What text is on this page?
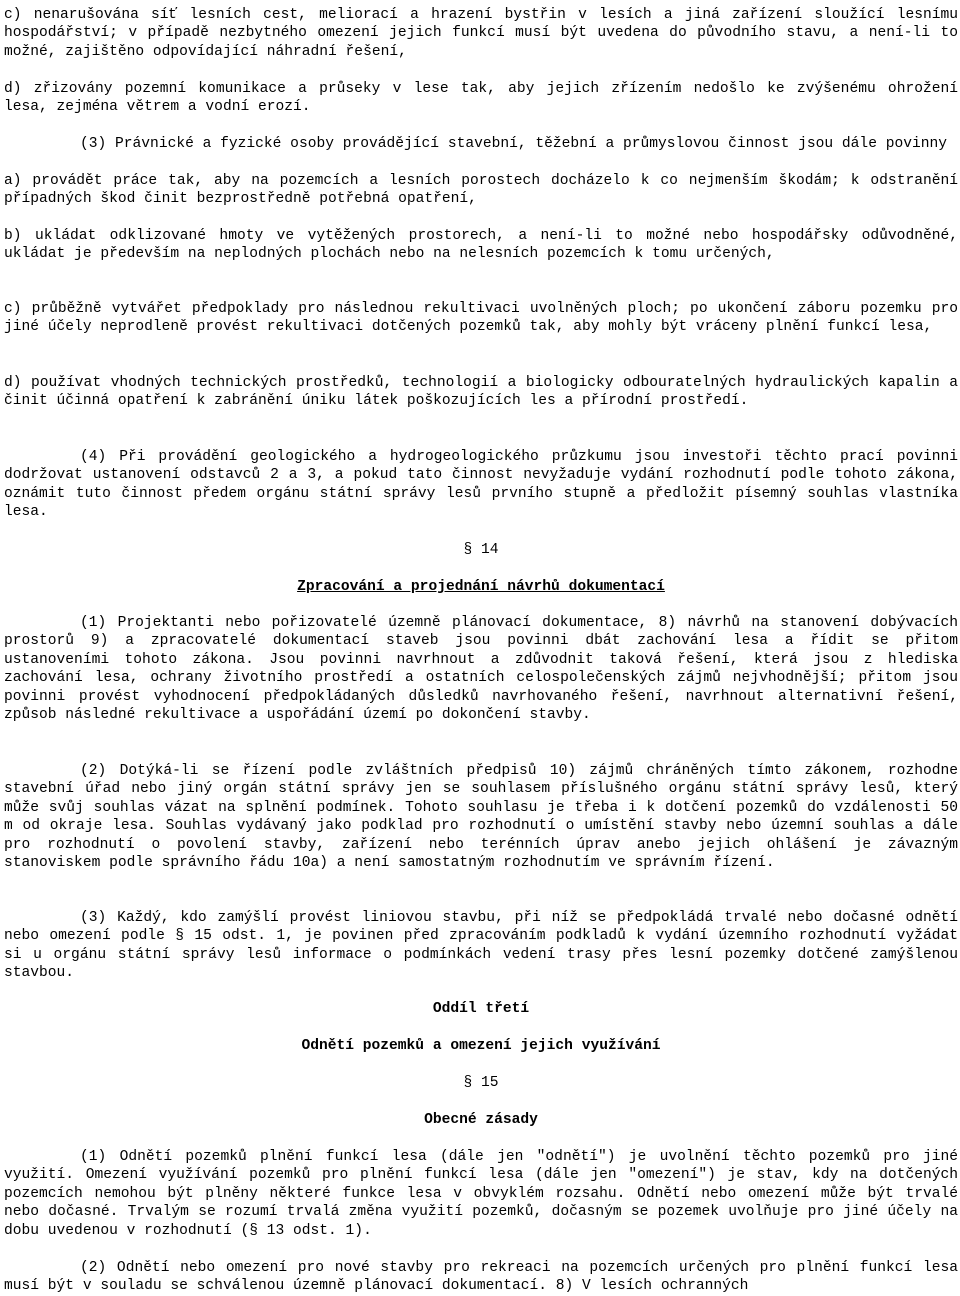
c) nenarušována síť lesních cest, meliorací a hrazení bystřin v lesích a jiná zařízení sloužící lesnímu hospodářství; v případě nezbytného omezení jejich funkcí musí být uvedena do původního stavu, a není-li to možné, zajištěno odpovídající náhradní řešení,

d) zřizovány pozemní komunikace a průseky v lese tak, aby jejich zřízením nedošlo ke zvýšenému ohrožení lesa, zejména větrem a vodní erozí.

(3) Právnické a fyzické osoby provádějící stavební, těžební a průmyslovou činnost jsou dále povinny

a) provádět práce tak, aby na pozemcích a lesních porostech docházelo k co nejmenším škodám; k odstranění případných škod činit bezprostředně potřebná opatření,

b) ukládat odklizované hmoty ve vytěžených prostorech, a není-li to možné nebo hospodářsky odůvodněné, ukládat je především na neplodných plochách nebo na nelesních pozemcích k tomu určených,

c) průběžně vytvářet předpoklady pro následnou rekultivaci uvolněných ploch; po ukončení záboru pozemku pro jiné účely neprodleně provést rekultivaci dotčených pozemků tak, aby mohly být vráceny plnění funkcí lesa,

d) používat vhodných technických prostředků, technologií a biologicky odbouratelných hydraulických kapalin a činit účinná opatření k zabránění úniku látek poškozujících les a přírodní prostředí.

(4) Při provádění geologického a hydrogeologického průzkumu jsou investoři těchto prací povinni dodržovat ustanovení odstavců 2 a 3, a pokud tato činnost nevyžaduje vydání rozhodnutí podle tohoto zákona, oznámit tuto činnost předem orgánu státní správy lesů prvního stupně a předložit písemný souhlas vlastníka lesa.

§ 14

Zpracování a projednání návrhů dokumentací

(1) Projektanti nebo pořizovatelé územně plánovací dokumentace, 8) návrhů na stanovení dobývacích prostorů 9) a zpracovatelé dokumentací staveb jsou povinni dbát zachování lesa a řídit se přitom ustanoveními tohoto zákona. Jsou povinni navrhnout a zdůvodnit taková řešení, která jsou z hlediska zachování lesa, ochrany životního prostředí a ostatních celospolečenských zájmů nejvhodnější; přitom jsou povinni provést vyhodnocení předpokládaných důsledků navrhovaného řešení, navrhnout alternativní řešení, způsob následné rekultivace a uspořádání území po dokončení stavby.

(2) Dotýká-li se řízení podle zvláštních předpisů 10) zájmů chráněných tímto zákonem, rozhodne stavební úřad nebo jiný orgán státní správy jen se souhlasem příslušného orgánu státní správy lesů, který může svůj souhlas vázat na splnění podmínek. Tohoto souhlasu je třeba i k dotčení pozemků do vzdálenosti 50 m od okraje lesa. Souhlas vydávaný jako podklad pro rozhodnutí o umístění stavby nebo územní souhlas a dále pro rozhodnutí o povolení stavby, zařízení nebo terénních úprav anebo jejich ohlášení je závazným stanoviskem podle správního řádu 10a) a není samostatným rozhodnutím ve správním řízení.

(3) Každý, kdo zamýšlí provést liniovou stavbu, při níž se předpokládá trvalé nebo dočasné odnětí nebo omezení podle § 15 odst. 1, je povinen před zpracováním podkladů k vydání územního rozhodnutí vyžádat si u orgánu státní správy lesů informace o podmínkách vedení trasy přes lesní pozemky dotčené zamýšlenou stavbou.

Oddíl třetí

Odnětí pozemků a omezení jejich využívání

§ 15

Obecné zásady

(1) Odnětí pozemků plnění funkcí lesa (dále jen "odnětí") je uvolnění těchto pozemků pro jiné využití. Omezení využívání pozemků pro plnění funkcí lesa (dále jen "omezení") je stav, kdy na dotčených pozemcích nemohou být plněny některé funkce lesa v obvyklém rozsahu. Odnětí nebo omezení může být trvalé nebo dočasné. Trvalým se rozumí trvalá změna využití pozemků, dočasným se pozemek uvolňuje pro jiné účely na dobu uvedenou v rozhodnutí (§ 13 odst. 1).

(2) Odnětí nebo omezení pro nové stavby pro rekreaci na pozemcích určených pro plnění funkcí lesa musí být v souladu se schválenou územně plánovací dokumentací. 8) V lesích ochranných
